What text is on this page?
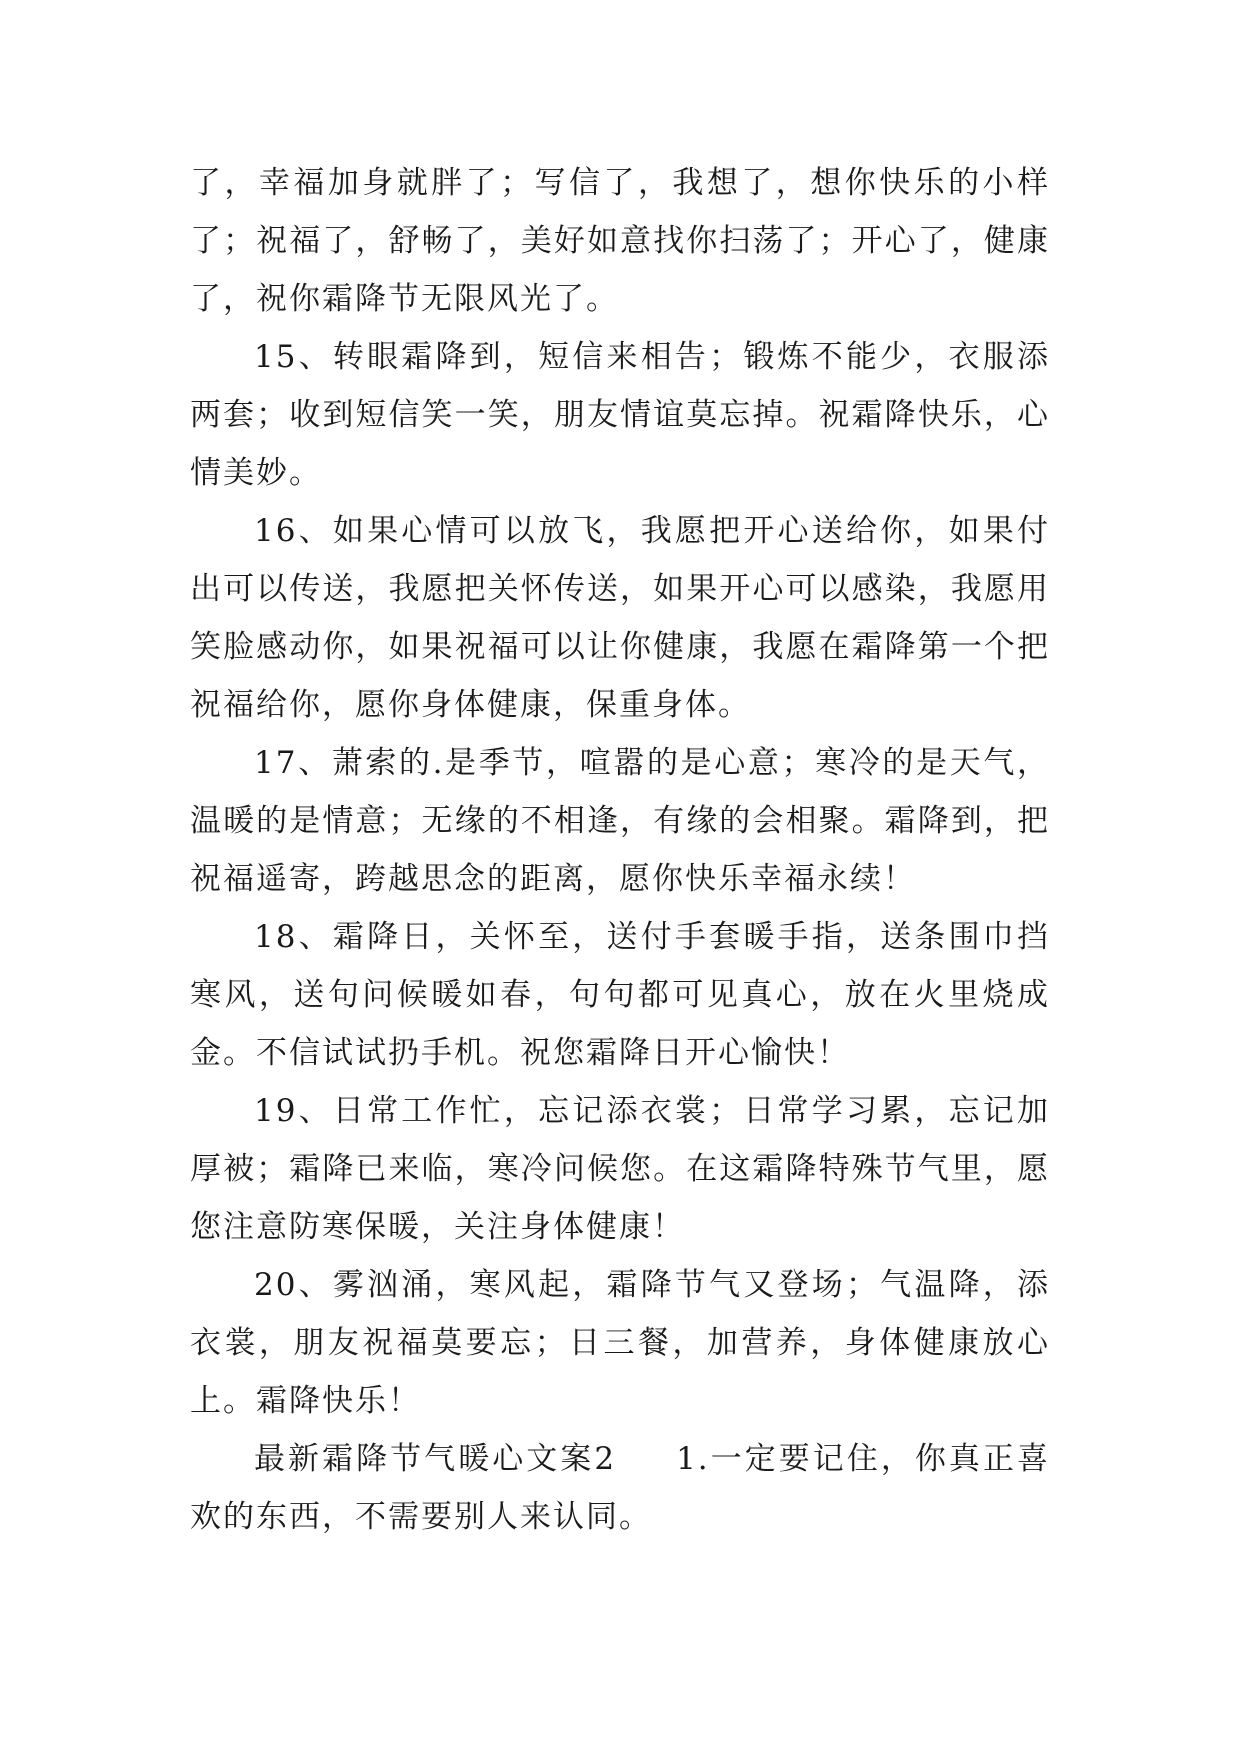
了，幸福加身就胖了；写信了，我想了，想你快乐的小样了；祝福了，舒畅了，美好如意找你扫荡了；开心了，健康了，祝你霜降节无限风光了。

15、转眼霜降到，短信来相告；锻炼不能少，衣服添两套；收到短信笑一笑，朋友情谊莫忘掉。祝霜降快乐，心情美妙。

16、如果心情可以放飞，我愿把开心送给你，如果付出可以传送，我愿把关怀传送，如果开心可以感染，我愿用笑脸感动你，如果祝福可以让你健康，我愿在霜降第一个把祝福给你，愿你身体健康，保重身体。

17、萧索的.是季节，喧嚣的是心意；寒冷的是天气，温暖的是情意；无缘的不相逢，有缘的会相聚。霜降到，把祝福遥寄，跨越思念的距离，愿你快乐幸福永续！

18、霜降日，关怀至，送付手套暖手指，送条围巾挡寒风，送句问候暖如春，句句都可见真心，放在火里烧成金。不信试试扔手机。祝您霜降日开心愉快！

19、日常工作忙，忘记添衣裳；日常学习累，忘记加厚被；霜降已来临，寒冷问候您。在这霜降特殊节气里，愿您注意防寒保暖，关注身体健康！

20、雾汹涌，寒风起，霜降节气又登场；气温降，添衣裳，朋友祝福莫要忘；日三餐，加营养，身体健康放心上。霜降快乐！

最新霜降节气暖心文案2 1.一定要记住，你真正喜欢的东西，不需要别人来认同。
